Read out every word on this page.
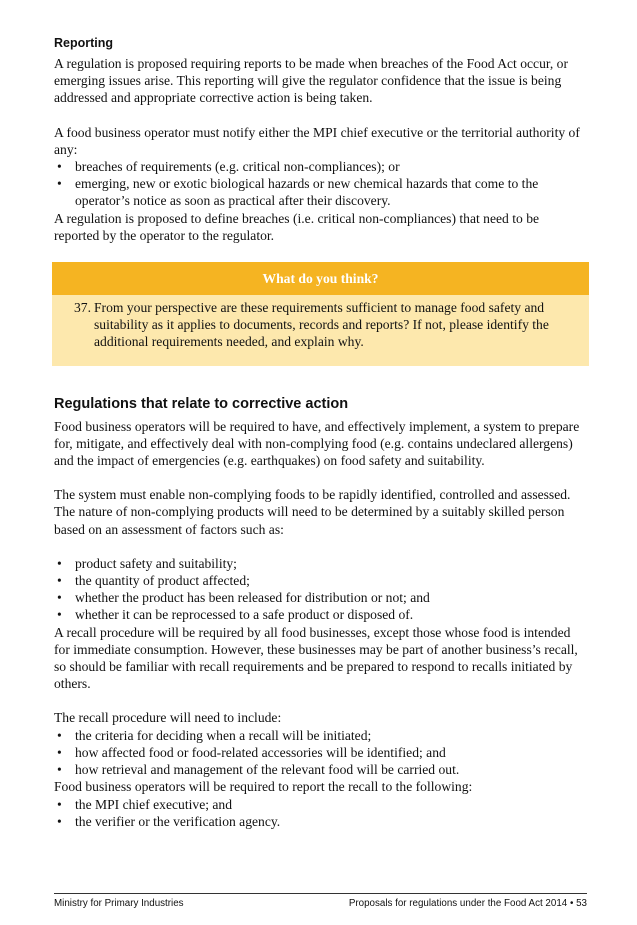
Reporting

A regulation is proposed requiring reports to be made when breaches of the Food Act occur, or emerging issues arise. This reporting will give the regulator confidence that the issue is being addressed and appropriate corrective action is being taken.

A food business operator must notify either the MPI chief executive or the territorial authority of any:

• breaches of requirements (e.g. critical non-compliances); or
• emerging, new or exotic biological hazards or new chemical hazards that come to the operator’s notice as soon as practical after their discovery.

A regulation is proposed to define breaches (i.e. critical non-compliances) that need to be reported by the operator to the regulator.

What do you think?
37. From your perspective are these requirements sufficient to manage food safety and suitability as it applies to documents, records and reports? If not, please identify the additional requirements needed, and explain why.
Regulations that relate to corrective action

Food business operators will be required to have, and effectively implement, a system to prepare for, mitigate, and effectively deal with non-complying food (e.g. contains undeclared allergens) and the impact of emergencies (e.g. earthquakes) on food safety and suitability.

The system must enable non-complying foods to be rapidly identified, controlled and assessed. The nature of non-complying products will need to be determined by a suitably skilled person based on an assessment of factors such as:

• product safety and suitability;
• the quantity of product affected;
• whether the product has been released for distribution or not; and
• whether it can be reprocessed to a safe product or disposed of.

A recall procedure will be required by all food businesses, except those whose food is intended for immediate consumption. However, these businesses may be part of another business’s recall, so should be familiar with recall requirements and be prepared to respond to recalls initiated by others.

The recall procedure will need to include:

• the criteria for deciding when a recall will be initiated;
• how affected food or food-related accessories will be identified; and
• how retrieval and management of the relevant food will be carried out.

Food business operators will be required to report the recall to the following:

• the MPI chief executive; and
• the verifier or the verification agency.
Ministry for Primary Industries	Proposals for regulations under the Food Act 2014 • 53
